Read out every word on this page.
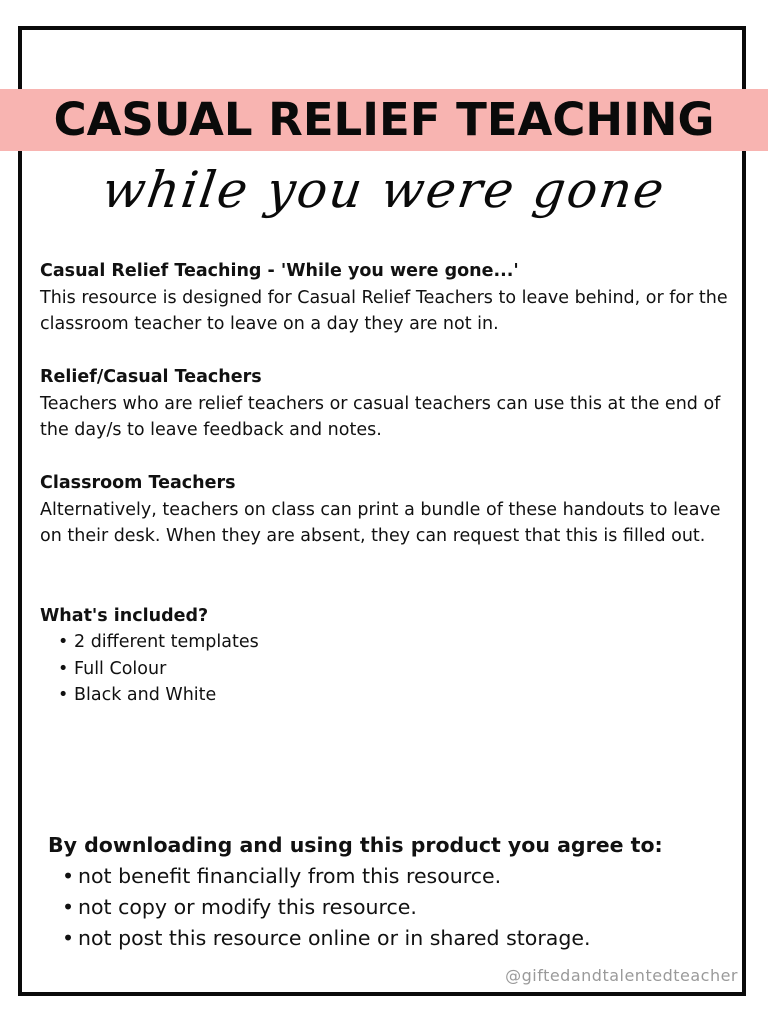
CASUAL RELIEF TEACHING
while you were gone
Casual Relief Teaching - 'While you were gone...'
This resource is designed for Casual Relief Teachers to leave behind, or for the classroom teacher to leave on a day they are not in.
Relief/Casual Teachers
Teachers who are relief teachers or casual teachers can use this at the end of the day/s to leave feedback and notes.
Classroom Teachers
Alternatively, teachers on class can print a bundle of these handouts to leave on their desk. When they are absent, they can request that this is filled out.
What's included?
• 2 different templates
• Full Colour
• Black and White
By downloading and using this product you agree to:
• not benefit financially from this resource.
• not copy or modify this resource.
• not post this resource online or in shared storage.
@giftedandtalentedteacher
